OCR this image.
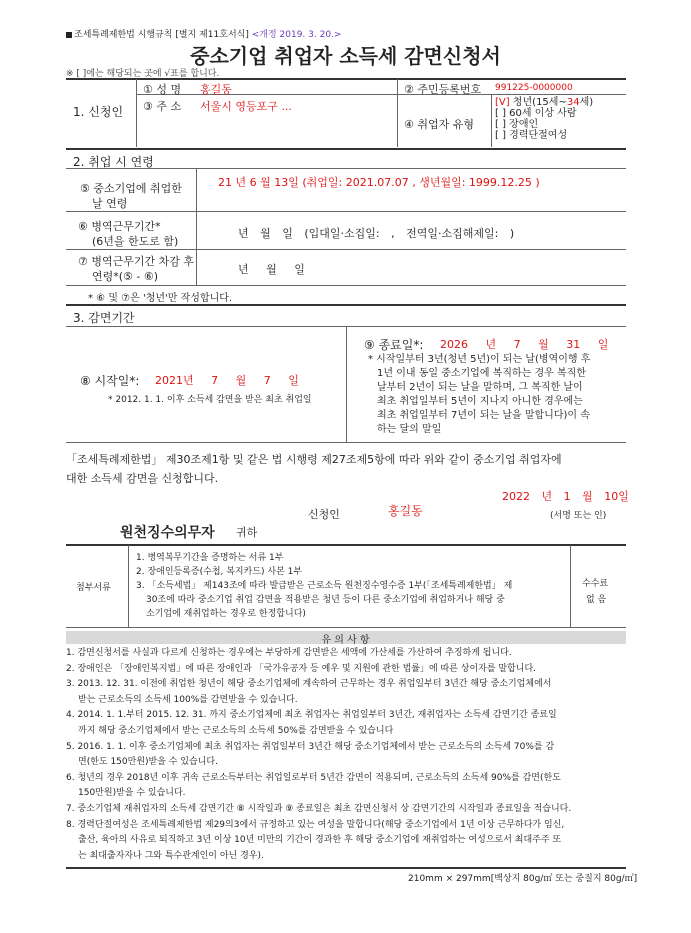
조세특례제한법 시행규칙 [별지 제11호서식] <개정 2019. 3. 20.>
중소기업 취업자 소득세 감면신청서
※ [ ]에는 해당되는 곳에 √표를 합니다.
1. 신청인
① 성 명 홍길동	② 주민등록번호 991225-0000000
③ 주 소 서울시 영등포구 ...
④ 취업자 유형
[V] 청년(15세~34세)
[ ] 60세 이상 사람
[ ] 장애인
[ ] 경력단절여성
2. 취업 시 연령
⑤ 중소기업에 취업한
날 연령
21 년 6 월 13일 (취업일: 2021.07.07 , 생년월일: 1999.12.25 )
⑥ 병역근무기간*
(6년을 한도로 함)
년 월 일 (입대일·소집일: , 전역일·소집해제일: )
⑦ 병역근무기간 차감 후
연령*(⑤ - ⑥)
년 월 일
* ⑥ 및 ⑦은 '청년'만 작성합니다.
3. 감면기간
⑧ 시작일*: 2021년 7 월 7 일
* 2012. 1. 1. 이후 소득세 감면을 받은 최초 취업일
⑨ 종료일*: 2026 년 7 월 31 일
* 시작일부터 3년(청년 5년)이 되는 날(병역이행 후
1년 이내 동일 중소기업에 복직하는 경우 복직한
날부터 2년이 되는 날을 말하며, 그 복직한 날이
최초 취업일부터 5년이 지나지 아니한 경우에는
최초 취업일부터 7년이 되는 날을 말합니다)이 속
하는 달의 말일
「조세특례제한법」 제30조제1항 및 같은 법 시행령 제27조제5항에 따라 위와 같이 중소기업 취업자에
대한 소득세 감면을 신청합니다.
2022 년 1 월 10일
신청인	홍길동	(서명 또는 인)
원천징수의무자 귀하
첨부서류
1. 병역복무기간을 증명하는 서류 1부
2. 장애인등록증(수첩, 복지카드) 사본 1부
3. 「소득세법」 제143조에 따라 발급받은 근로소득 원천징수영수증 1부(「조세특례제한법」 제
30조에 따라 중소기업 취업 감면을 적용받은 청년 등이 다른 중소기업에 취업하거나 해당 중
소기업에 재취업하는 경우로 한정합니다)
수수료
없 음
유 의 사 항
1. 감면신청서를 사실과 다르게 신청하는 경우에는 부당하게 감면받은 세액에 가산세를 가산하여 추징하게 됩니다.
2. 장애인은 「장애인복지법」에 따른 장애인과 「국가유공자 등 예우 및 지원에 관한 법률」에 따른 상이자를 말합니다.
3. 2013. 12. 31. 이전에 취업한 청년이 해당 중소기업체에 계속하여 근무하는 경우 취업일부터 3년간 해당 중소기업체에서
받는 근로소득의 소득세 100%를 감면받을 수 있습니다.
4. 2014. 1. 1.부터 2015. 12. 31. 까지 중소기업체에 최초 취업자는 취업일부터 3년간, 재취업자는 소득세 감면기간 종료일
까지 해당 중소기업체에서 받는 근로소득의 소득세 50%를 감면받을 수 있습니다
5. 2016. 1. 1. 이후 중소기업체에 최초 취업자는 취업일부터 3년간 해당 중소기업체에서 받는 근로소득의 소득세 70%를 감
면(한도 150만원)받을 수 있습니다.
6. 청년의 경우 2018년 이후 귀속 근로소득부터는 취업일로부터 5년간 감면이 적용되며, 근로소득의 소득세 90%를 감면(한도
150만원)받을 수 있습니다.
7. 중소기업체 재취업자의 소득세 감면기간 ⑧ 시작일과 ⑨ 종료일은 최초 감면신청서 상 감면기간의 시작일과 종료일을 적습니다.
8. 경력단절여성은 조세특례제한법 제29의3에서 규정하고 있는 여성을 말합니다(해당 중소기업에서 1년 이상 근무하다가 임신,
출산, 육아의 사유로 퇴직하고 3년 이상 10년 미만의 기간이 경과한 후 해당 중소기업에 재취업하는 여성으로서 최대주주 또
는 최대출자자나 그와 특수관계인이 아닌 경우).
210mm × 297mm[백상지 80g/㎡ 또는 중질지 80g/㎡]
